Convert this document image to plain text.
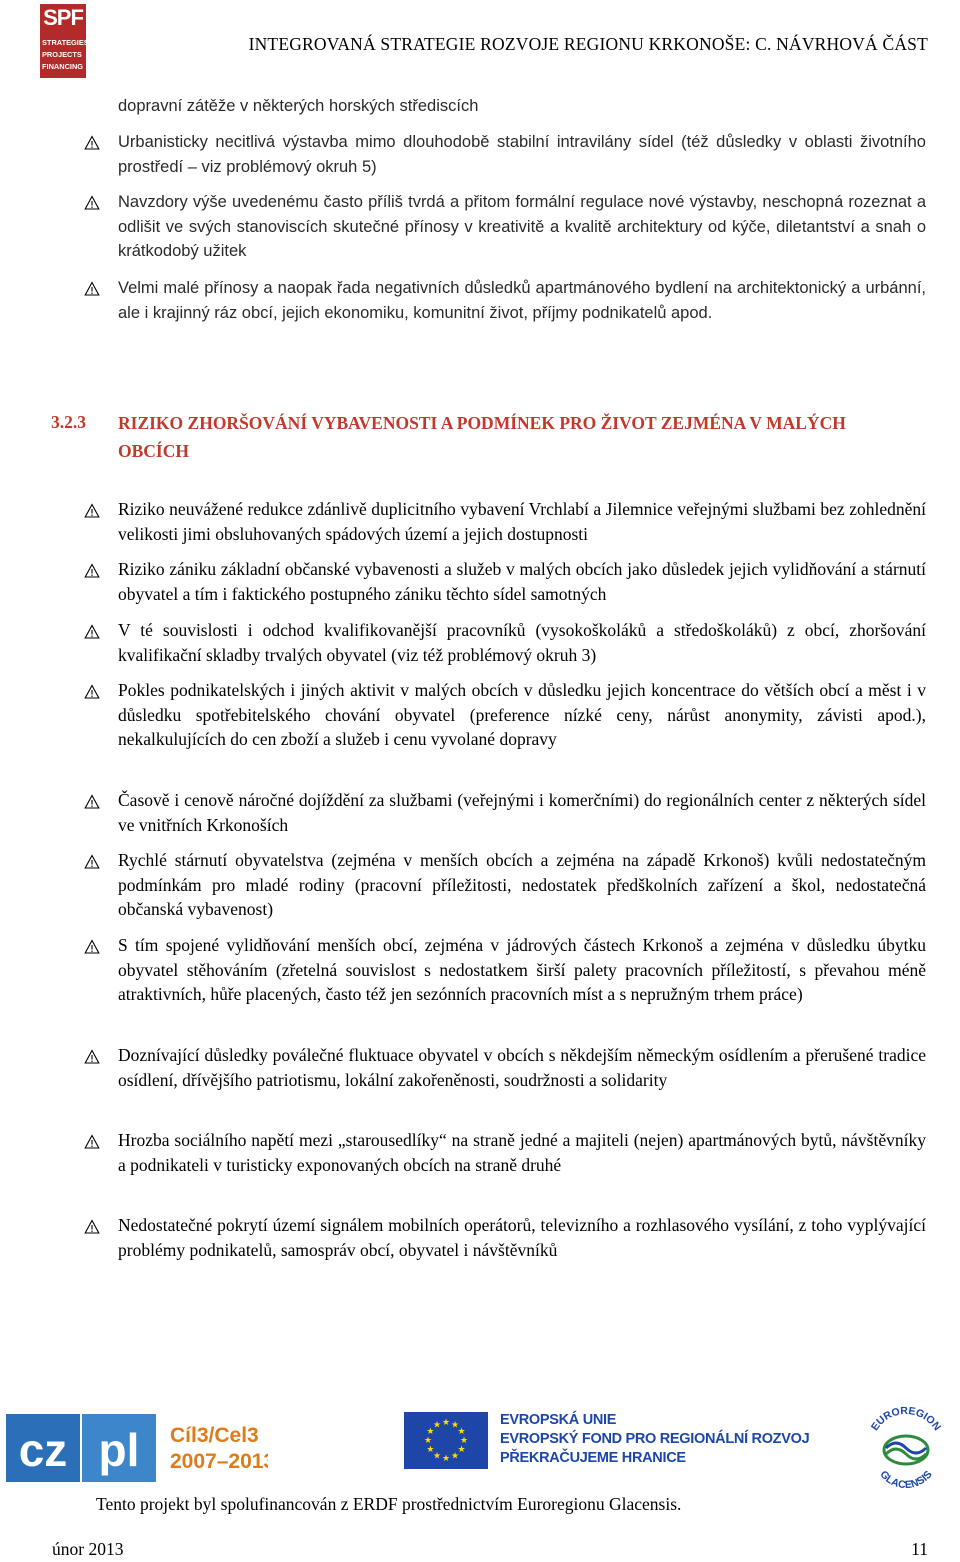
SPF
STRATEGIES
PROJECTS
FINANCING
INTEGROVANÁ STRATEGIE ROZVOJE REGIONU KRKONOŠE: C. NÁVRHOVÁ ČÁST
dopravní zátěže v některých horských střediscích
Urbanisticky necitlivá výstavba mimo dlouhodobě stabilní intravilány sídel (též důsledky v oblasti životního prostředí – viz problémový okruh 5)
Navzdory výše uvedenému často příliš tvrdá a přitom formální regulace nové výstavby, neschopná rozeznat a odlišit ve svých stanoviscích skutečné přínosy v kreativitě a kvalitě architektury od kýče, diletantství a snah o krátkodobý užitek
Velmi malé přínosy a naopak řada negativních důsledků apartmánového bydlení na architektonický a urbánní, ale i krajinný ráz obcí, jejich ekonomiku, komunitní život, příjmy podnikatelů apod.
3.2.3 RIZIKO ZHORŠOVÁNÍ VYBAVENOSTI A PODMÍNEK PRO ŽIVOT ZEJMÉNA V MALÝCH
OBCÍCH
Riziko neuvážené redukce zdánlivě duplicitního vybavení Vrchlabí a Jilemnice veřejnými službami bez zohlednění velikosti jimi obsluhovaných spádových území a jejich dostupnosti
Riziko zániku základní občanské vybavenosti a služeb v malých obcích jako důsledek jejich vylidňování a stárnutí obyvatel a tím i faktického postupného zániku těchto sídel samotných
V té souvislosti i odchod kvalifikovanější pracovníků (vysokoškoláků a středoškoláků) z obcí, zhoršování kvalifikační skladby trvalých obyvatel (viz též problémový okruh 3)
Pokles podnikatelských i jiných aktivit v malých obcích v důsledku jejich koncentrace do větších obcí a měst i v důsledku spotřebitelského chování obyvatel (preference nízké ceny, nárůst anonymity, závisti apod.), nekalkulujících do cen zboží a služeb i cenu vyvolané dopravy
Časově i cenově náročné dojíždění za službami (veřejnými i komerčními) do regionálních center z některých sídel ve vnitřních Krkonoších
Rychlé stárnutí obyvatelstva (zejména v menších obcích a zejména na západě Krkonoš) kvůli nedostatečným podmínkám pro mladé rodiny (pracovní příležitosti, nedostatek předškolních zařízení a škol, nedostatečná občanská vybavenost)
S tím spojené vylidňování menších obcí, zejména v jádrových částech Krkonoš a zejména v důsledku úbytku obyvatel stěhováním (zřetelná souvislost s nedostatkem širší palety pracovních příležitostí, s převahou méně atraktivních, hůře placených, často též jen sezónních pracovních míst a s nepružným trhem práce)
Doznívající důsledky poválečné fluktuace obyvatel v obcích s někdejším německým osídlením a přerušené tradice osídlení, dřívějšího patriotismu, lokální zakořeněnosti, soudržnosti a solidarity
Hrozba sociálního napětí mezi „starousedlíky“ na straně jedné a majiteli (nejen) apartmánových bytů, návštěvníky a podnikateli v turisticky exponovaných obcích na straně druhé
Nedostatečné pokrytí území signálem mobilních operátorů, televizního a rozhlasového vysílání, z toho vyplývající problémy podnikatelů, samospráv obcí, obyvatel i návštěvníků
cz pl Cíl3/Cel3
2007–2013
★ ★
★
★
★
★
★
★
★
★
★
★	EVROPSKÁ UNIE
EVROPSKÝ FOND PRO REGIONÁLNÍ ROZVOJ
PŘEKRAČUJEME HRANICE
EUROREGION
GLACENSIS
Tento projekt byl spolufinancován z ERDF prostřednictvím Euroregionu Glacensis.
únor 2013	11
